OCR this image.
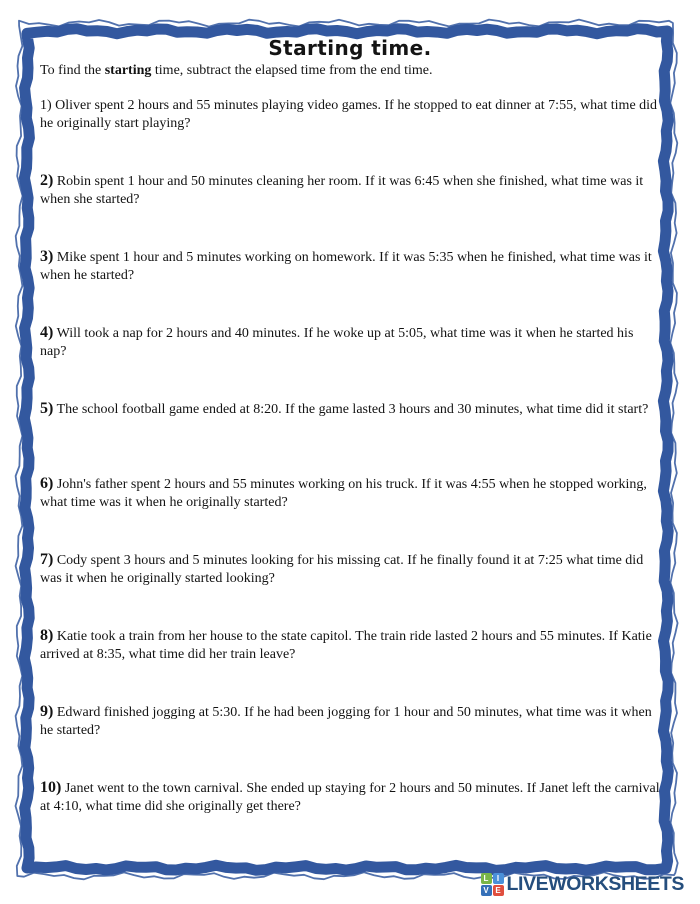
Starting time.

To find the starting time, subtract the elapsed time from the end time.

1) Oliver spent 2 hours and 55 minutes playing video games. If he stopped to eat dinner at 7:55, what time did he originally start playing?
2) Robin spent 1 hour and 50 minutes cleaning her room. If it was 6:45 when she finished, what time was it when she started?
3) Mike spent 1 hour and 5 minutes working on homework. If it was 5:35 when he finished, what time was it when he started?
4) Will took a nap for 2 hours and 40 minutes. If he woke up at 5:05, what time was it when he started his nap?
5) The school football game ended at 8:20. If the game lasted 3 hours and 30 minutes, what time did it start?
6) John's father spent 2 hours and 55 minutes working on his truck. If it was 4:55 when he stopped working, what time was it when he originally started?
7) Cody spent 3 hours and 5 minutes looking for his missing cat. If he finally found it at 7:25 what time did was it when he originally started looking?
8) Katie took a train from her house to the state capitol. The train ride lasted 2 hours and 55 minutes. If Katie arrived at 8:35, what time did her train leave?
9) Edward finished jogging at 5:30. If he had been jogging for 1 hour and 50 minutes, what time was it when he started?
10) Janet went to the town carnival. She ended up staying for 2 hours and 50 minutes. If Janet left the carnival at 4:10, what time did she originally get there?
L	I
V E LIVEWORKSHEETS
